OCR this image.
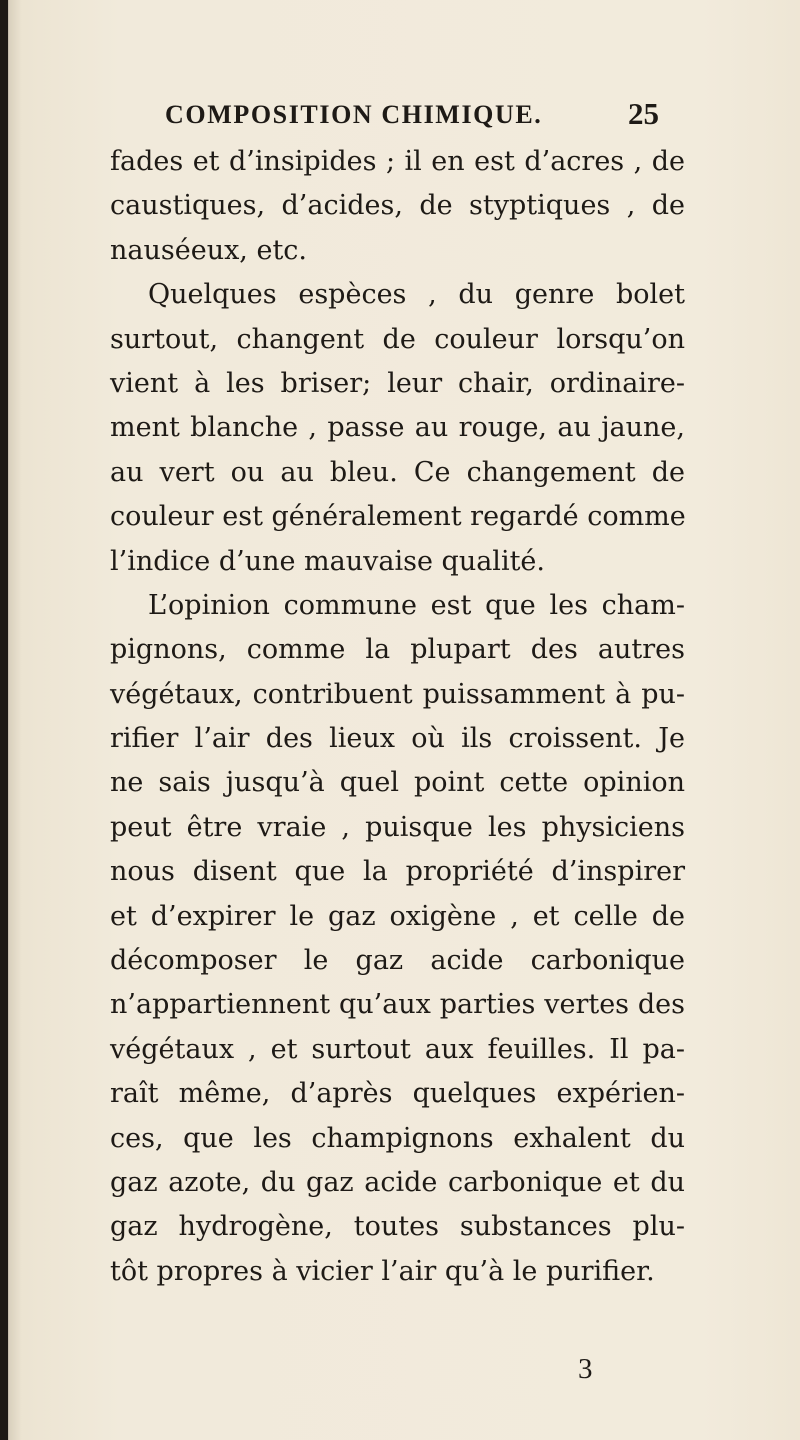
COMPOSITION CHIMIQUE.	25
fades et d’insipides ; il en est d’acres , de
caustiques, d’acides, de styptiques , de
nauséeux, etc.
Quelques espèces , du genre bolet
surtout, changent de couleur lorsqu’on
vient à les briser; leur chair, ordinaire-
ment blanche , passe au rouge, au jaune,
au vert ou au bleu. Ce changement de
couleur est généralement regardé comme
l’indice d’une mauvaise qualité.
L’opinion commune est que les cham-
pignons, comme la plupart des autres
végétaux, contribuent puissamment à pu-
rifier l’air des lieux où ils croissent. Je
ne sais jusqu’à quel point cette opinion
peut être vraie , puisque les physiciens
nous disent que la propriété d’inspirer
et d’expirer le gaz oxigène , et celle de
décomposer le gaz acide carbonique
n’appartiennent qu’aux parties vertes des
végétaux , et surtout aux feuilles. Il pa-
raît même, d’après quelques expérien-
ces, que les champignons exhalent du
gaz azote, du gaz acide carbonique et du
gaz hydrogène, toutes substances plu-
tôt propres à vicier l’air qu’à le purifier.
3
